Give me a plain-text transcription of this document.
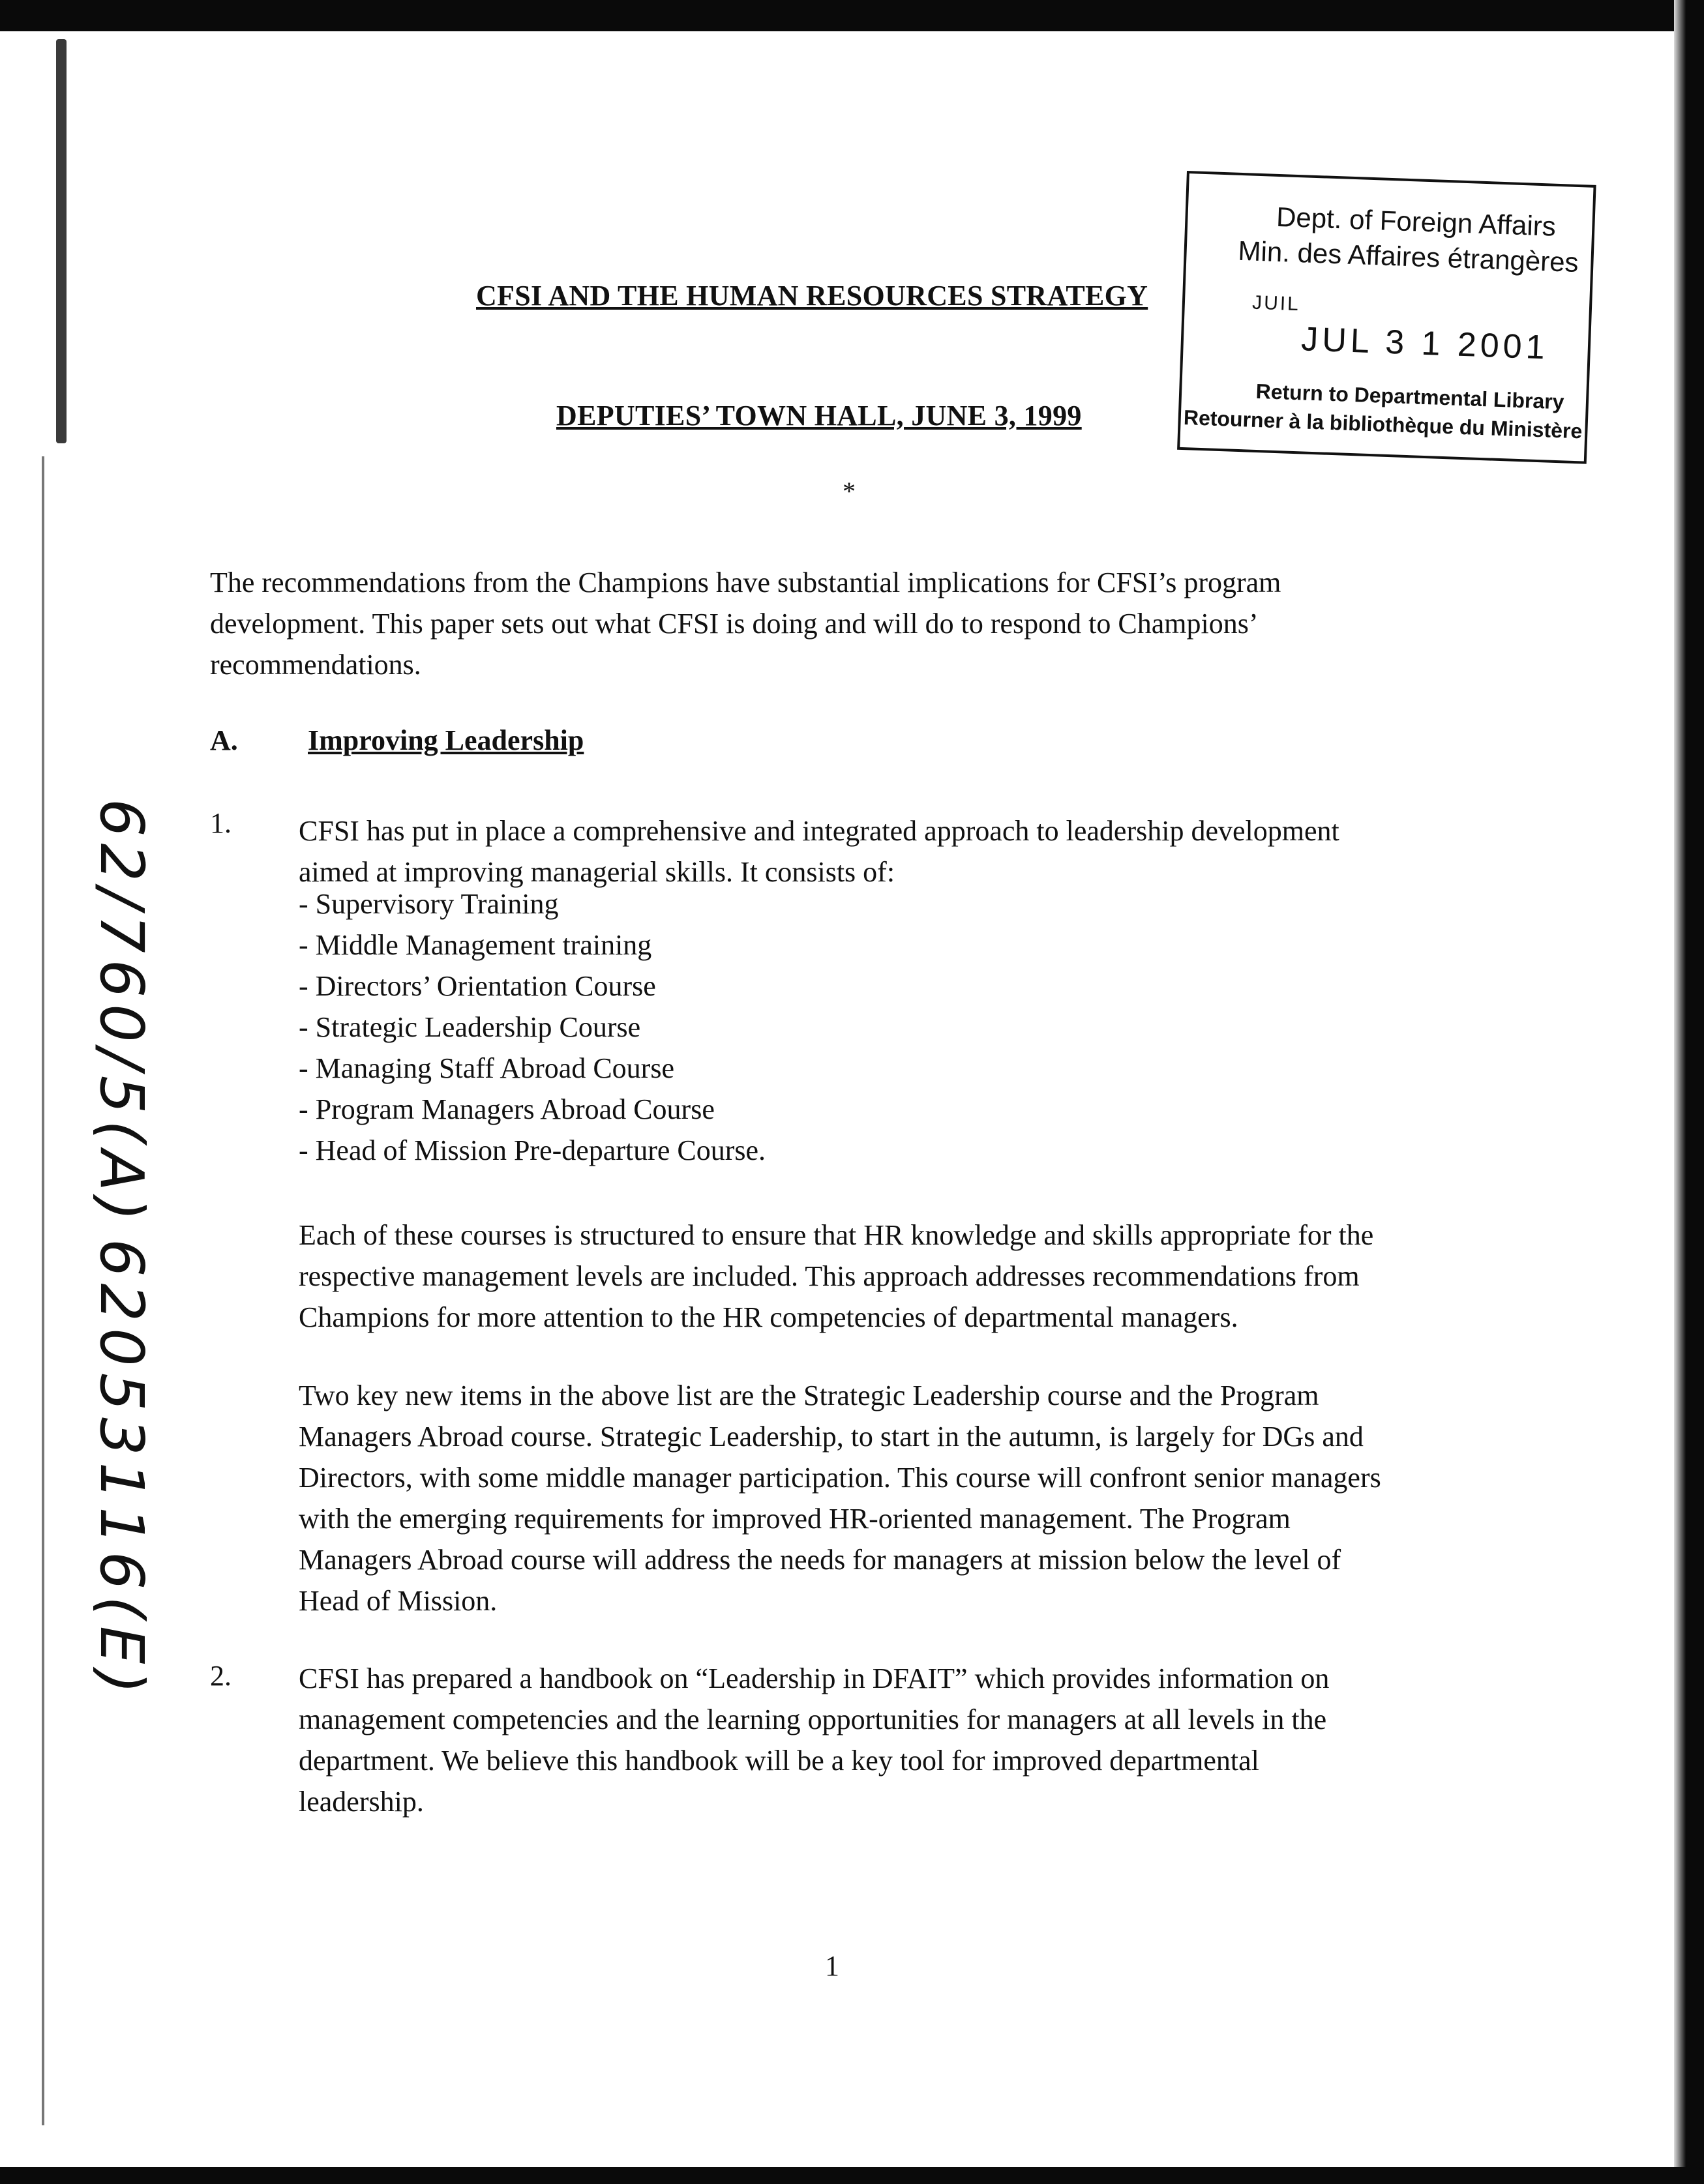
CFSI AND THE HUMAN RESOURCES STRATEGY
DEPUTIES’ TOWN HALL, JUNE 3, 1999
*
Dept. of Foreign Affairs
Min. des Affaires étrangères
JUIL
JUL 3 1 2001
Return to Departmental Library
Retourner à la bibliothèque du Ministère
62/760/5(A)
62053116(E)
The recommendations from the Champions have substantial implications for CFSI’s program
development. This paper sets out what CFSI is doing and will do to respond to Champions’
recommendations.
A. Improving Leadership
1. CFSI has put in place a comprehensive and integrated approach to leadership development
aimed at improving managerial skills. It consists of:
- Supervisory Training
- Middle Management training
- Directors’ Orientation Course
- Strategic Leadership Course
- Managing Staff Abroad Course
- Program Managers Abroad Course
- Head of Mission Pre-departure Course.
Each of these courses is structured to ensure that HR knowledge and skills appropriate for the
respective management levels are included. This approach addresses recommendations from
Champions for more attention to the HR competencies of departmental managers.
Two key new items in the above list are the Strategic Leadership course and the Program
Managers Abroad course. Strategic Leadership, to start in the autumn, is largely for DGs and
Directors, with some middle manager participation. This course will confront senior managers
with the emerging requirements for improved HR-oriented management. The Program
Managers Abroad course will address the needs for managers at mission below the level of
Head of Mission.
2. CFSI has prepared a handbook on “Leadership in DFAIT” which provides information on
management competencies and the learning opportunities for managers at all levels in the
department. We believe this handbook will be a key tool for improved departmental
leadership.
1
